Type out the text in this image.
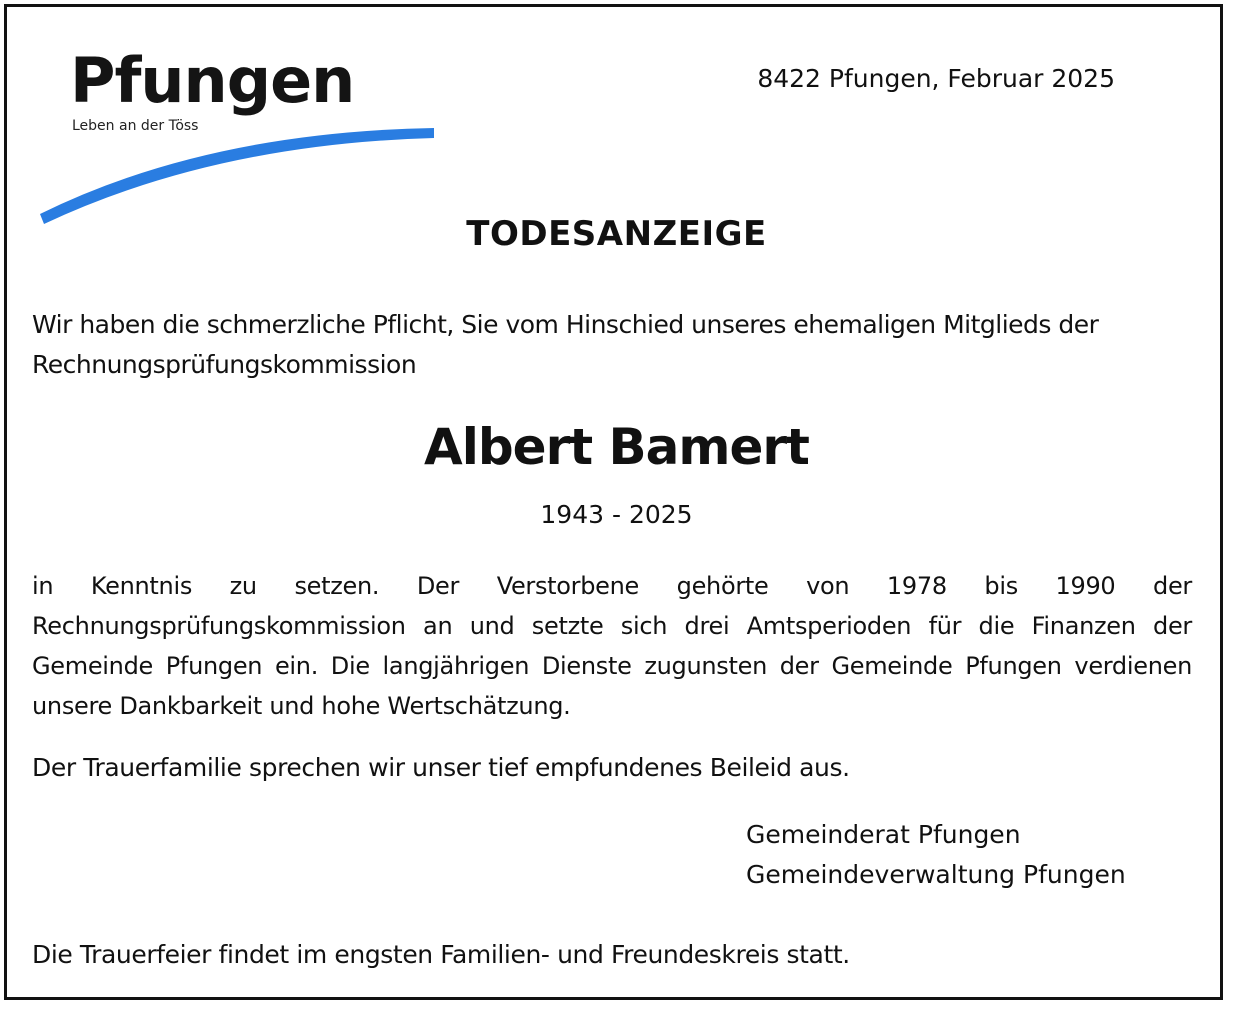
Pfungen
Leben an der Töss
8422 Pfungen, Februar 2025
TODESANZEIGE
Wir haben die schmerzliche Pflicht, Sie vom Hinschied unseres ehemaligen Mitglieds der Rechnungsprüfungskommission
Albert Bamert
1943 - 2025
in Kenntnis zu setzen. Der Verstorbene gehörte von 1978 bis 1990 der Rechnungsprüfungskommission an und setzte sich drei Amtsperioden für die Finanzen der Gemeinde Pfungen ein. Die langjährigen Dienste zugunsten der Gemeinde Pfungen verdienen unsere Dankbarkeit und hohe Wertschätzung.
Der Trauerfamilie sprechen wir unser tief empfundenes Beileid aus.
Gemeinderat Pfungen
Gemeindeverwaltung Pfungen
Die Trauerfeier findet im engsten Familien- und Freundeskreis statt.
